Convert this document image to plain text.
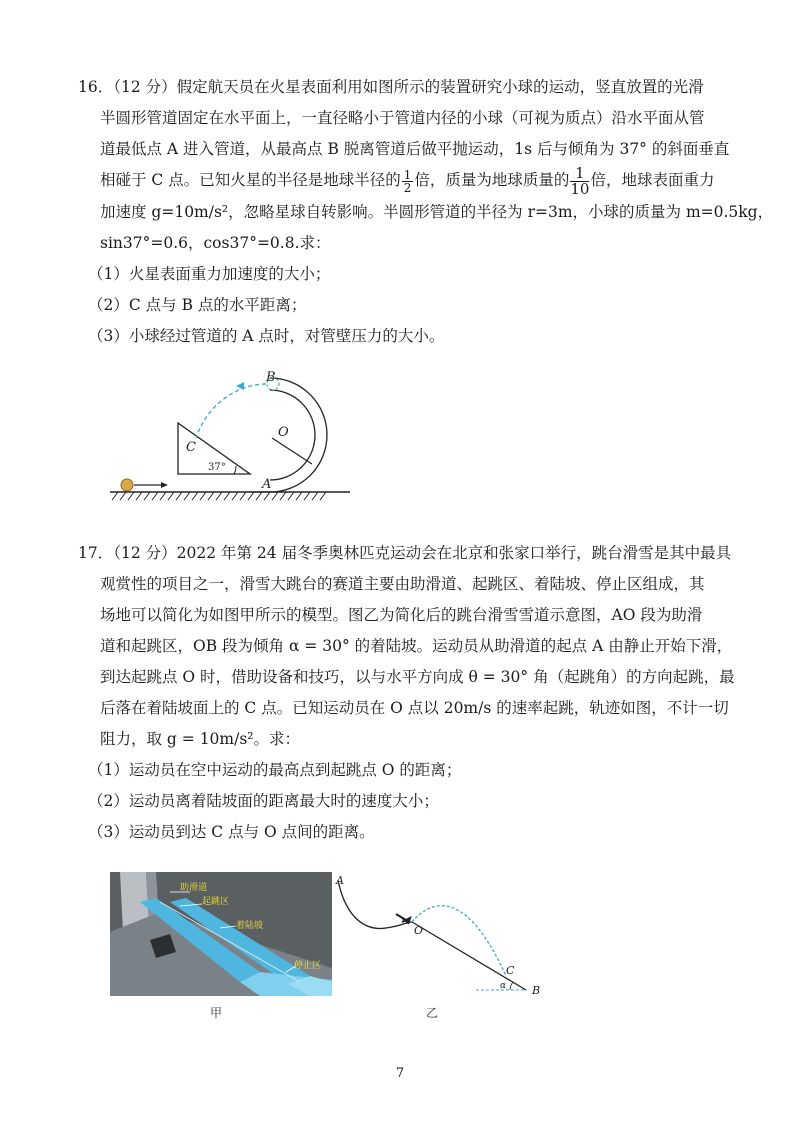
16．（12 分）假定航天员在火星表面利用如图所示的装置研究小球的运动，竖直放置的光滑
半圆形管道固定在水平面上，一直径略小于管道内径的小球（可视为质点）沿水平面从管
道最低点 A 进入管道，从最高点 B 脱离管道后做平抛运动，1s 后与倾角为 37° 的斜面垂直
相碰于 C 点。已知火星的半径是地球半径的 $\frac{1}{2}$ 倍，质量为地球质量的 $\frac{1}{10}$ 倍，地球表面重力
加速度 g=10m/s²，忽略星球自转影响。半圆形管道的半径为 r=3m，小球的质量为 m=0.5kg，
sin37°=0.6，cos37°=0.8.求：
（1）火星表面重力加速度的大小；
（2）C 点与 B 点的水平距离；
（3）小球经过管道的 A 点时，对管壁压力的大小。
37°
C
O
A
B
17．（12 分）2022 年第 24 届冬季奥林匹克运动会在北京和张家口举行，跳台滑雪是其中最具
观赏性的项目之一，滑雪大跳台的赛道主要由助滑道、起跳区、着陆坡、停止区组成，其
场地可以简化为如图甲所示的模型。图乙为简化后的跳台滑雪雪道示意图，AO 段为助滑
道和起跳区，OB 段为倾角 α = 30° 的着陆坡。运动员从助滑道的起点 A 由静止开始下滑，
到达起跳点 O 时，借助设备和技巧，以与水平方向成 θ = 30° 角（起跳角）的方向起跳，最
后落在着陆坡面上的 C 点。已知运动员在 O 点以 20m/s 的速率起跳，轨迹如图，不计一切
阻力，取 g = 10m/s²。求：
（1）运动员在空中运动的最高点到起跳点 O 的距离；
（2）运动员离着陆坡面的距离最大时的速度大小；
（3）运动员到达 C 点与 O 点间的距离。
助滑道
起跳区
着陆坡
停止区
甲
A
O
C
α B
乙
7
